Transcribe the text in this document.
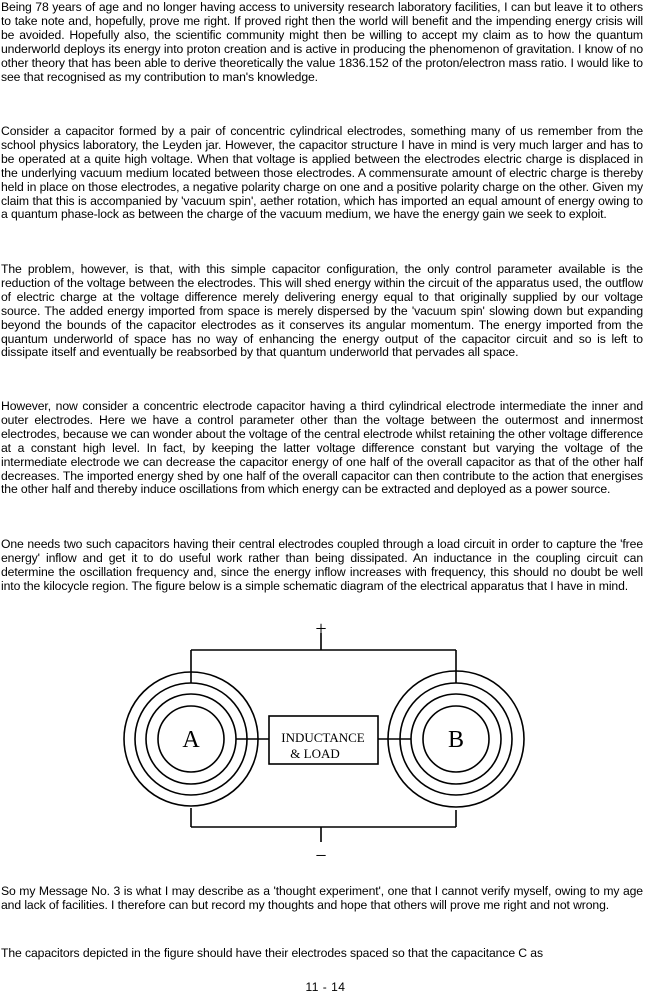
Being 78 years of age and no longer having access to university research laboratory facilities, I can but leave it to others to take note and, hopefully, prove me right. If proved right then the world will benefit and the impending energy crisis will be avoided. Hopefully also, the scientific community might then be willing to accept my claim as to how the quantum underworld deploys its energy into proton creation and is active in producing the phenomenon of gravitation. I know of no other theory that has been able to derive theoretically the value 1836.152 of the proton/electron mass ratio. I would like to see that recognised as my contribution to man's knowledge.

Consider a capacitor formed by a pair of concentric cylindrical electrodes, something many of us remember from the school physics laboratory, the Leyden jar. However, the capacitor structure I have in mind is very much larger and has to be operated at a quite high voltage. When that voltage is applied between the electrodes electric charge is displaced in the underlying vacuum medium located between those electrodes. A commensurate amount of electric charge is thereby held in place on those electrodes, a negative polarity charge on one and a positive polarity charge on the other. Given my claim that this is accompanied by 'vacuum spin', aether rotation, which has imported an equal amount of energy owing to a quantum phase-lock as between the charge of the vacuum medium, we have the energy gain we seek to exploit.

The problem, however, is that, with this simple capacitor configuration, the only control parameter available is the reduction of the voltage between the electrodes. This will shed energy within the circuit of the apparatus used, the outflow of electric charge at the voltage difference merely delivering energy equal to that originally supplied by our voltage source. The added energy imported from space is merely dispersed by the 'vacuum spin' slowing down but expanding beyond the bounds of the capacitor electrodes as it conserves its angular momentum. The energy imported from the quantum underworld of space has no way of enhancing the energy output of the capacitor circuit and so is left to dissipate itself and eventually be reabsorbed by that quantum underworld that pervades all space.

However, now consider a concentric electrode capacitor having a third cylindrical electrode intermediate the inner and outer electrodes. Here we have a control parameter other than the voltage between the outermost and innermost electrodes, because we can wonder about the voltage of the central electrode whilst retaining the other voltage difference at a constant high level. In fact, by keeping the latter voltage difference constant but varying the voltage of the intermediate electrode we can decrease the capacitor energy of one half of the overall capacitor as that of the other half decreases. The imported energy shed by one half of the overall capacitor can then contribute to the action that energises the other half and thereby induce oscillations from which energy can be extracted and deployed as a power source.

One needs two such capacitors having their central electrodes coupled through a load circuit in order to capture the 'free energy' inflow and get it to do useful work rather than being dissipated. An inductance in the coupling circuit can determine the oscillation frequency and, since the energy inflow increases with frequency, this should no doubt be well into the kilocycle region. The figure below is a simple schematic diagram of the electrical apparatus that I have in mind.

+
−
A	B
INDUCTANCE
& LOAD

So my Message No. 3 is what I may describe as a 'thought experiment', one that I cannot verify myself, owing to my age and lack of facilities. I therefore can but record my thoughts and hope that others will prove me right and not wrong.

The capacitors depicted in the figure should have their electrodes spaced so that the capacitance C as

11 - 14
